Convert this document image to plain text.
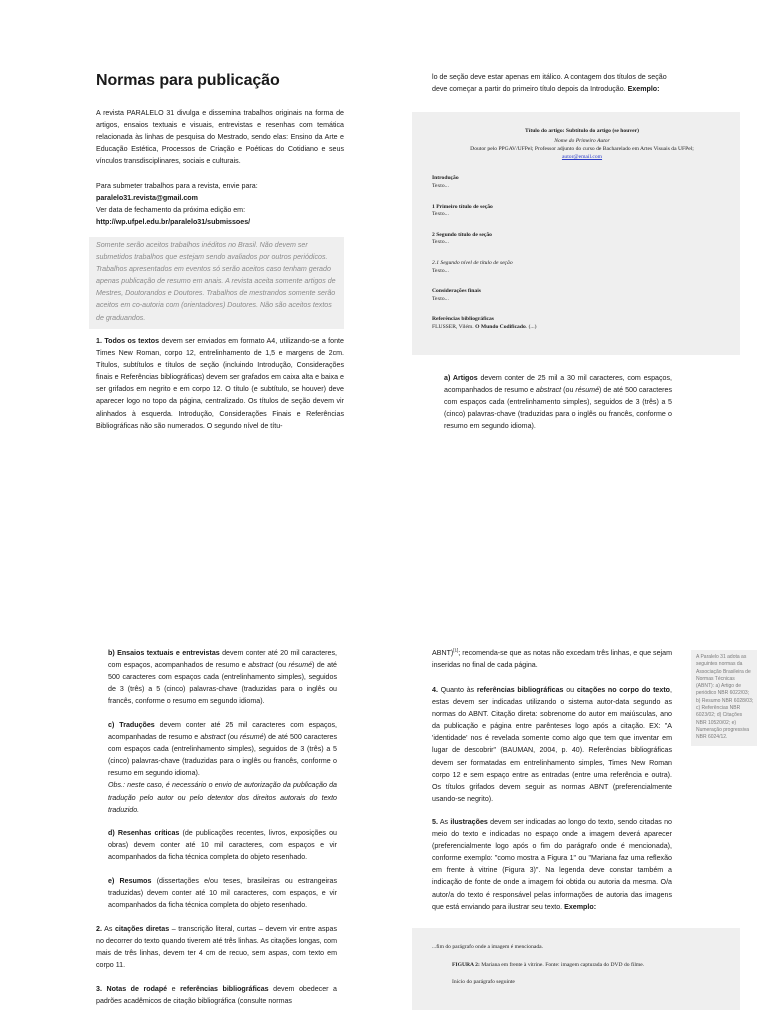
Normas para publicação

A revista PARALELO 31 divulga e dissemina trabalhos originais na forma de artigos, ensaios textuais e visuais, entrevistas e resenhas com temática relacionada às linhas de pesquisa do Mestrado, sendo elas: Ensino da Arte e Educação Estética, Processos de Criação e Poéticas do Cotidiano e seus vínculos transdisciplinares, sociais e culturais.

Para submeter trabalhos para a revista, envie para:

paralelo31.revista@gmail.com

Ver data de fechamento da próxima edição em:

http://wp.ufpel.edu.br/paralelo31/submissoes/

Somente serão aceitos trabalhos inéditos no Brasil. Não devem ser submetidos trabalhos que estejam sendo avaliados por outros periódicos. Trabalhos apresentados em eventos só serão aceitos caso tenham gerado apenas publicação de resumo em anais. A revista aceita somente artigos de Mestres, Doutorandos e Doutores. Trabalhos de mestrandos somente serão aceitos em co-autoria com (orientadores) Doutores. Não são aceitos textos de graduandos.

1. Todos os textos devem ser enviados em formato A4, utilizando-se a fonte Times New Roman, corpo 12, entrelinhamento de 1,5 e margens de 2cm. Títulos, subtítulos e títulos de seção (incluindo Introdução, Considerações finais e Referências bibliográficas) devem ser grafados em caixa alta e baixa e ser grifados em negrito e em corpo 12. O título (e subtítulo, se houver) deve aparecer logo no topo da página, centralizado. Os títulos de seção devem vir alinhados à esquerda. Introdução, Considerações Finais e Referências Bibliográficas não são numerados. O segundo nível de títu-

lo de seção deve estar apenas em itálico. A contagem dos títulos de seção deve começar a partir do primeiro título depois da Introdução. Exemplo:

Título do artigo: Subtítulo do artigo (se houver)

Nome do Primeiro Autor

Doutor pelo PPGAV/UFPel; Professor adjunto do curso de Bacharelado em Artes Visuais da UFPel;

autor@email.com

Introdução

Texto...

1 Primeiro título de seção

Texto...

2 Segundo título de seção

Texto...

2.1 Segundo nível de título de seção

Texto...

Considerações finais

Texto...

Referências bibliográficas

FLUSSER, Vilém. O Mundo Codificado. (...)

a) Artigos devem conter de 25 mil a 30 mil caracteres, com espaços, acompanhados de resumo e abstract (ou résumé) de até 500 caracteres com espaços cada (entrelinhamento simples), seguidos de 3 (três) a 5 (cinco) palavras-chave (traduzidas para o inglês ou francês, conforme o resumo em segundo idioma).

b) Ensaios textuais e entrevistas devem conter até 20 mil caracteres, com espaços, acompanhados de resumo e abstract (ou résumé) de até 500 caracteres com espaços cada (entrelinhamento simples), seguidos de 3 (três) a 5 (cinco) palavras-chave (traduzidas para o inglês ou francês, conforme o resumo em segundo idioma).

c) Traduções devem conter até 25 mil caracteres com espaços, acompanhadas de resumo e abstract (ou résumé) de até 500 caracteres com espaços cada (entrelinhamento simples), seguidos de 3 (três) a 5 (cinco) palavras-chave (traduzidas para o inglês ou francês, conforme o resumo em segundo idioma).

Obs.: neste caso, é necessário o envio de autorização da publicação da tradução pelo autor ou pelo detentor dos direitos autorais do texto traduzido.

d) Resenhas críticas (de publicações recentes, livros, exposições ou obras) devem conter até 10 mil caracteres, com espaços e vir acompanhados da ficha técnica completa do objeto resenhado.

e) Resumos (dissertações e/ou teses, brasileiras ou estrangeiras traduzidas) devem conter até 10 mil caracteres, com espaços, e vir acompanhados da ficha técnica completa do objeto resenhado.

2. As citações diretas – transcrição literal, curtas – devem vir entre aspas no decorrer do texto quando tiverem até três linhas. As citações longas, com mais de três linhas, devem ter 4 cm de recuo, sem aspas, com texto em corpo 11.

3. Notas de rodapé e referências bibliográficas devem obedecer a padrões acadêmicos de citação bibliográfica (consulte normas

ABNT)[1]; recomenda-se que as notas não excedam três linhas, e que sejam inseridas no final de cada página.

4. Quanto às referências bibliográficas ou citações no corpo do texto, estas devem ser indicadas utilizando o sistema autor-data segundo as normas do ABNT. Citação direta: sobrenome do autor em maiúsculas, ano da publicação e página entre parênteses logo após a citação. EX: "A 'identidade' nos é revelada somente como algo que tem que inventar em lugar de descobrir" (BAUMAN, 2004, p. 40). Referências bibliográficas devem ser formatadas em entrelinhamento simples, Times New Roman corpo 12 e sem espaço entre as entradas (entre uma referência e outra). Os títulos grifados devem seguir as normas ABNT (preferencialmente usando-se negrito).

5. As ilustrações devem ser indicadas ao longo do texto, sendo citadas no meio do texto e indicadas no espaço onde a imagem deverá aparecer (preferencialmente logo após o fim do parágrafo onde é mencionada), conforme exemplo: "como mostra a Figura 1" ou "Mariana faz uma reflexão em frente à vitrine (Figura 3)". Na legenda deve constar também a indicação de fonte de onde a imagem foi obtida ou autoria da mesma. O/a autor/a do texto é responsável pelas informações de autoria das imagens que está enviando para ilustrar seu texto. Exemplo:

A Paralelo 31 adota as seguintes normas da Associação Brasileira de Normas Técnicas (ABNT): a) Artigo de periódico NBR 6022/03; b) Resumo NBR 6028/03; c) Referências NBR 6023/02; d) Citações NBR 10520/02; e) Numeração progressiva NBR 6024/12.

...fim do parágrafo onde a imagem é mencionada.

FIGURA 2: Mariana em frente à vitrine. Fonte: imagem capturada do DVD do filme.

Início do parágrafo seguinte
